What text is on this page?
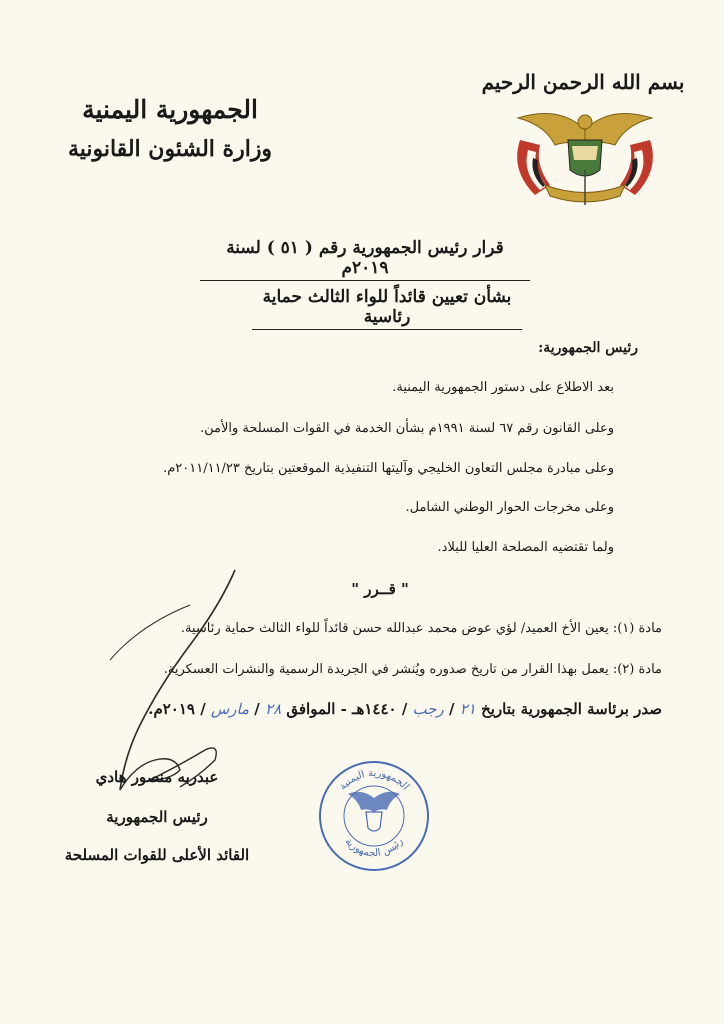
الجمهورية اليمنية
وزارة الشئون القانونية
بسم الله الرحمن الرحيم
قرار رئيس الجمهورية رقم ( ٥١ ) لسنة ٢٠١٩م
بشأن تعيين قائداً للواء الثالث حماية رئاسية
رئيس الجمهورية:
بعد الاطلاع على دستور الجمهورية اليمنية.
وعلى القانون رقم ٦٧ لسنة ١٩٩١م بشأن الخدمة في القوات المسلحة والأمن.
وعلى مبادرة مجلس التعاون الخليجي وآليتها التنفيذية الموقعتين بتاريخ ٢٠١١/١١/٢٣م.
وعلى مخرجات الحوار الوطني الشامل.
ولما تقتضيه المصلحة العليا للبلاد.
" قــرر "
مادة (١): يعين الأخ العميد/ لؤي عوض محمد عبدالله حسن قائداً للواء الثالث حماية رئاسية.
مادة (٢): يعمل بهذا القرار من تاريخ صدوره ويُنشر في الجريدة الرسمية والنشرات العسكرية.
صدر برئاسة الجمهورية بتاريخ ٢١ / رجب / ١٤٤٠هـ - الموافق ٢٨ / مارس / ٢٠١٩م.
عبدربه منصور هادي
رئيس الجمهورية
القائد الأعلى للقوات المسلحة
الجمهورية اليمنية
رئيس الجمهورية
